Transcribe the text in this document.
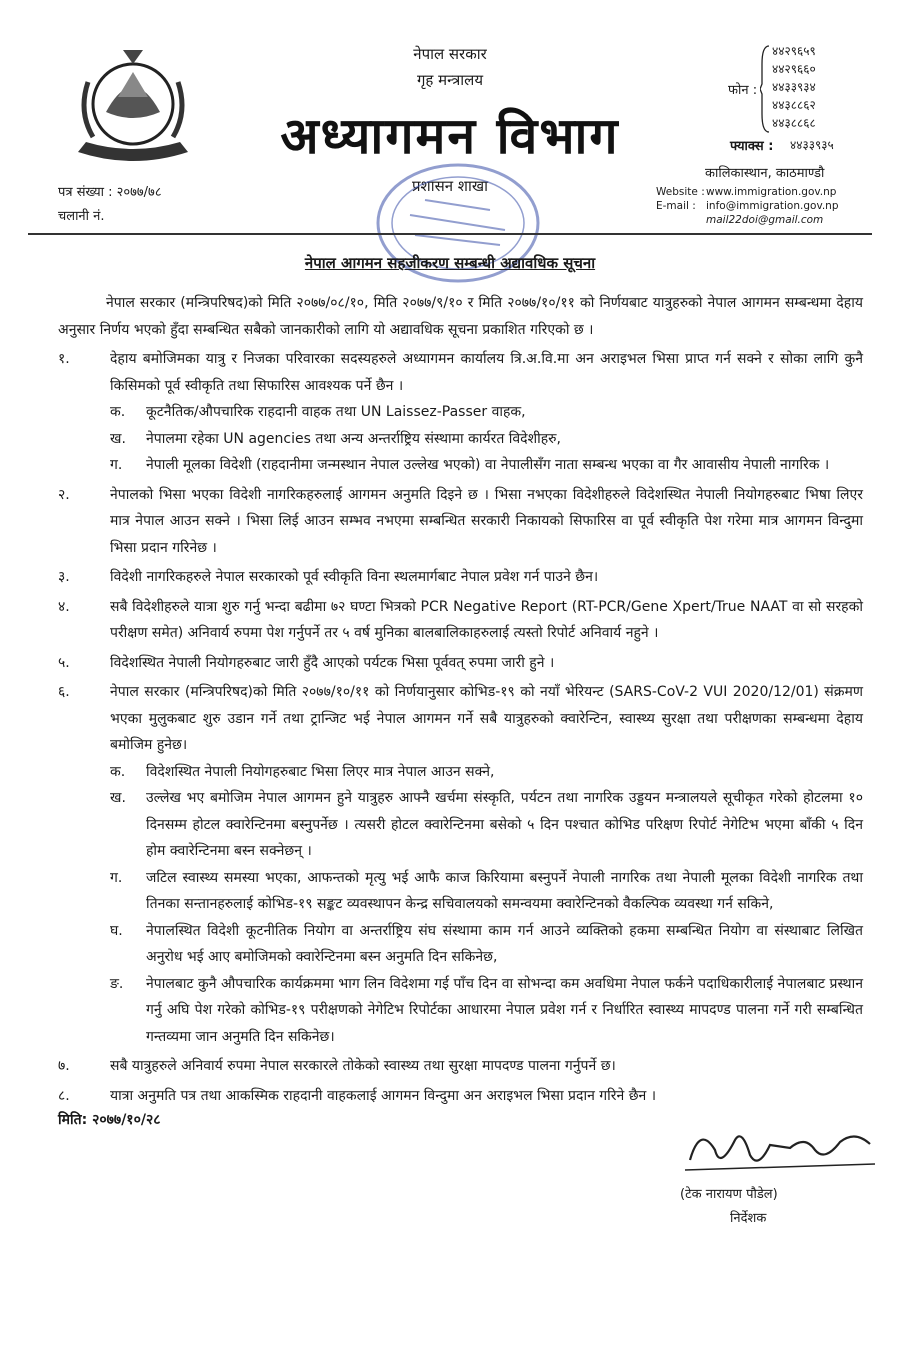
नेपाल सरकार
गृह मन्त्रालय
अध्यागमन विभाग
प्रशासन शाखा
फोन :
४४२९६५९
४४२९६६०
४४३३९३४
४४३८८६२
४४३८८६८
फ्याक्स : ४४३३९३५
कालिकास्थान, काठमाण्डौ
Website : www.immigration.gov.np
E-mail : info@immigration.gov.np
mail22doi@gmail.com
पत्र संख्या : २०७७/७८
चलानी नं.
नेपाल आगमन सहजीकरण सम्बन्धी अद्यावधिक सूचना

नेपाल सरकार (मन्त्रिपरिषद)को मिति २०७७/०८/१०, मिति २०७७/९/१० र मिति २०७७/१०/११ को निर्णयबाट यात्रुहरुको नेपाल आगमन सम्बन्धमा देहाय अनुसार निर्णय भएको हुँदा सम्बन्धित सबैको जानकारीको लागि यो अद्यावधिक सूचना प्रकाशित गरिएको छ ।

१.	देहाय बमोजिमका यात्रु र निजका परिवारका सदस्यहरुले अध्यागमन कार्यालय त्रि.अ.वि.मा अन अराइभल भिसा प्राप्त गर्न सक्ने र सोका लागि कुनै किसिमको पूर्व स्वीकृति तथा सिफारिस आवश्यक पर्ने छैन ।
क.	कूटनैतिक/औपचारिक राहदानी वाहक तथा UN Laissez-Passer वाहक,
ख.	नेपालमा रहेका UN agencies तथा अन्य अन्तर्राष्ट्रिय संस्थामा कार्यरत विदेशीहरु,
ग.	नेपाली मूलका विदेशी (राहदानीमा जन्मस्थान नेपाल उल्लेख भएको) वा नेपालीसँग नाता सम्बन्ध भएका वा गैर आवासीय नेपाली नागरिक ।
२.	नेपालको भिसा भएका विदेशी नागरिकहरुलाई आगमन अनुमति दिइने छ । भिसा नभएका विदेशीहरुले विदेशस्थित नेपाली नियोगहरुबाट भिषा लिएर मात्र नेपाल आउन सक्ने । भिसा लिई आउन सम्भव नभएमा सम्बन्धित सरकारी निकायको सिफारिस वा पूर्व स्वीकृति पेश गरेमा मात्र आगमन विन्दुमा भिसा प्रदान गरिनेछ ।
३.	विदेशी नागरिकहरुले नेपाल सरकारको पूर्व स्वीकृति विना स्थलमार्गबाट नेपाल प्रवेश गर्न पाउने छैन।
४.	सबै विदेशीहरुले यात्रा शुरु गर्नु भन्दा बढीमा ७२ घण्टा भित्रको PCR Negative Report (RT-PCR/Gene Xpert/True NAAT वा सो सरहको परीक्षण समेत) अनिवार्य रुपमा पेश गर्नुपर्ने तर ५ वर्ष मुनिका बालबालिकाहरुलाई त्यस्तो रिपोर्ट अनिवार्य नहुने ।
५.	विदेशस्थित नेपाली नियोगहरुबाट जारी हुँदै आएको पर्यटक भिसा पूर्ववत् रुपमा जारी हुने ।
६.	नेपाल सरकार (मन्त्रिपरिषद)को मिति २०७७/१०/११ को निर्णयानुसार कोभिड-१९ को नयाँ भेरियन्ट (SARS-CoV-2 VUI 2020/12/01) संक्रमण भएका मुलुकबाट शुरु उडान गर्ने तथा ट्रान्जिट भई नेपाल आगमन गर्ने सबै यात्रुहरुको क्वारेन्टिन, स्वास्थ्य सुरक्षा तथा परीक्षणका सम्बन्धमा देहाय बमोजिम हुनेछ।
क.	विदेशस्थित नेपाली नियोगहरुबाट भिसा लिएर मात्र नेपाल आउन सक्ने,
ख.	उल्लेख भए बमोजिम नेपाल आगमन हुने यात्रुहरु आफ्नै खर्चमा संस्कृति, पर्यटन तथा नागरिक उड्डयन मन्त्रालयले सूचीकृत गरेको होटलमा १० दिनसम्म होटल क्वारेन्टिनमा बस्नुपर्नेछ । त्यसरी होटल क्वारेन्टिनमा बसेको ५ दिन पश्चात कोभिड परिक्षण रिपोर्ट नेगेटिभ भएमा बाँकी ५ दिन होम क्वारेन्टिनमा बस्न सक्नेछन् ।
ग.	जटिल स्वास्थ्य समस्या भएका, आफन्तको मृत्यु भई आफै काज किरियामा बस्नुपर्ने नेपाली नागरिक तथा नेपाली मूलका विदेशी नागरिक तथा तिनका सन्तानहरुलाई कोभिड-१९ सङ्कट व्यवस्थापन केन्द्र सचिवालयको समन्वयमा क्वारेन्टिनको वैकल्पिक व्यवस्था गर्न सकिने,
घ.	नेपालस्थित विदेशी कूटनीतिक नियोग वा अन्तर्राष्ट्रिय संघ संस्थामा काम गर्न आउने व्यक्तिको हकमा सम्बन्धित नियोग वा संस्थाबाट लिखित अनुरोध भई आए बमोजिमको क्वारेन्टिनमा बस्न अनुमति दिन सकिनेछ,
ङ.	नेपालबाट कुनै औपचारिक कार्यक्रममा भाग लिन विदेशमा गई पाँच दिन वा सोभन्दा कम अवधिमा नेपाल फर्कने पदाधिकारीलाई नेपालबाट प्रस्थान गर्नु अघि पेश गरेको कोभिड-१९ परीक्षणको नेगेटिभ रिपोर्टका आधारमा नेपाल प्रवेश गर्न र निर्धारित स्वास्थ्य मापदण्ड पालना गर्ने गरी सम्बन्धित गन्तव्यमा जान अनुमति दिन सकिनेछ।
७.	सबै यात्रुहरुले अनिवार्य रुपमा नेपाल सरकारले तोकेको स्वास्थ्य तथा सुरक्षा मापदण्ड पालना गर्नुपर्ने छ।
८.	यात्रा अनुमति पत्र तथा आकस्मिक राहदानी वाहकलाई आगमन विन्दुमा अन अराइभल भिसा प्रदान गरिने छैन ।
मिति: २०७७/१०/२८
(टेक नारायण पौडेल)
निर्देशक
